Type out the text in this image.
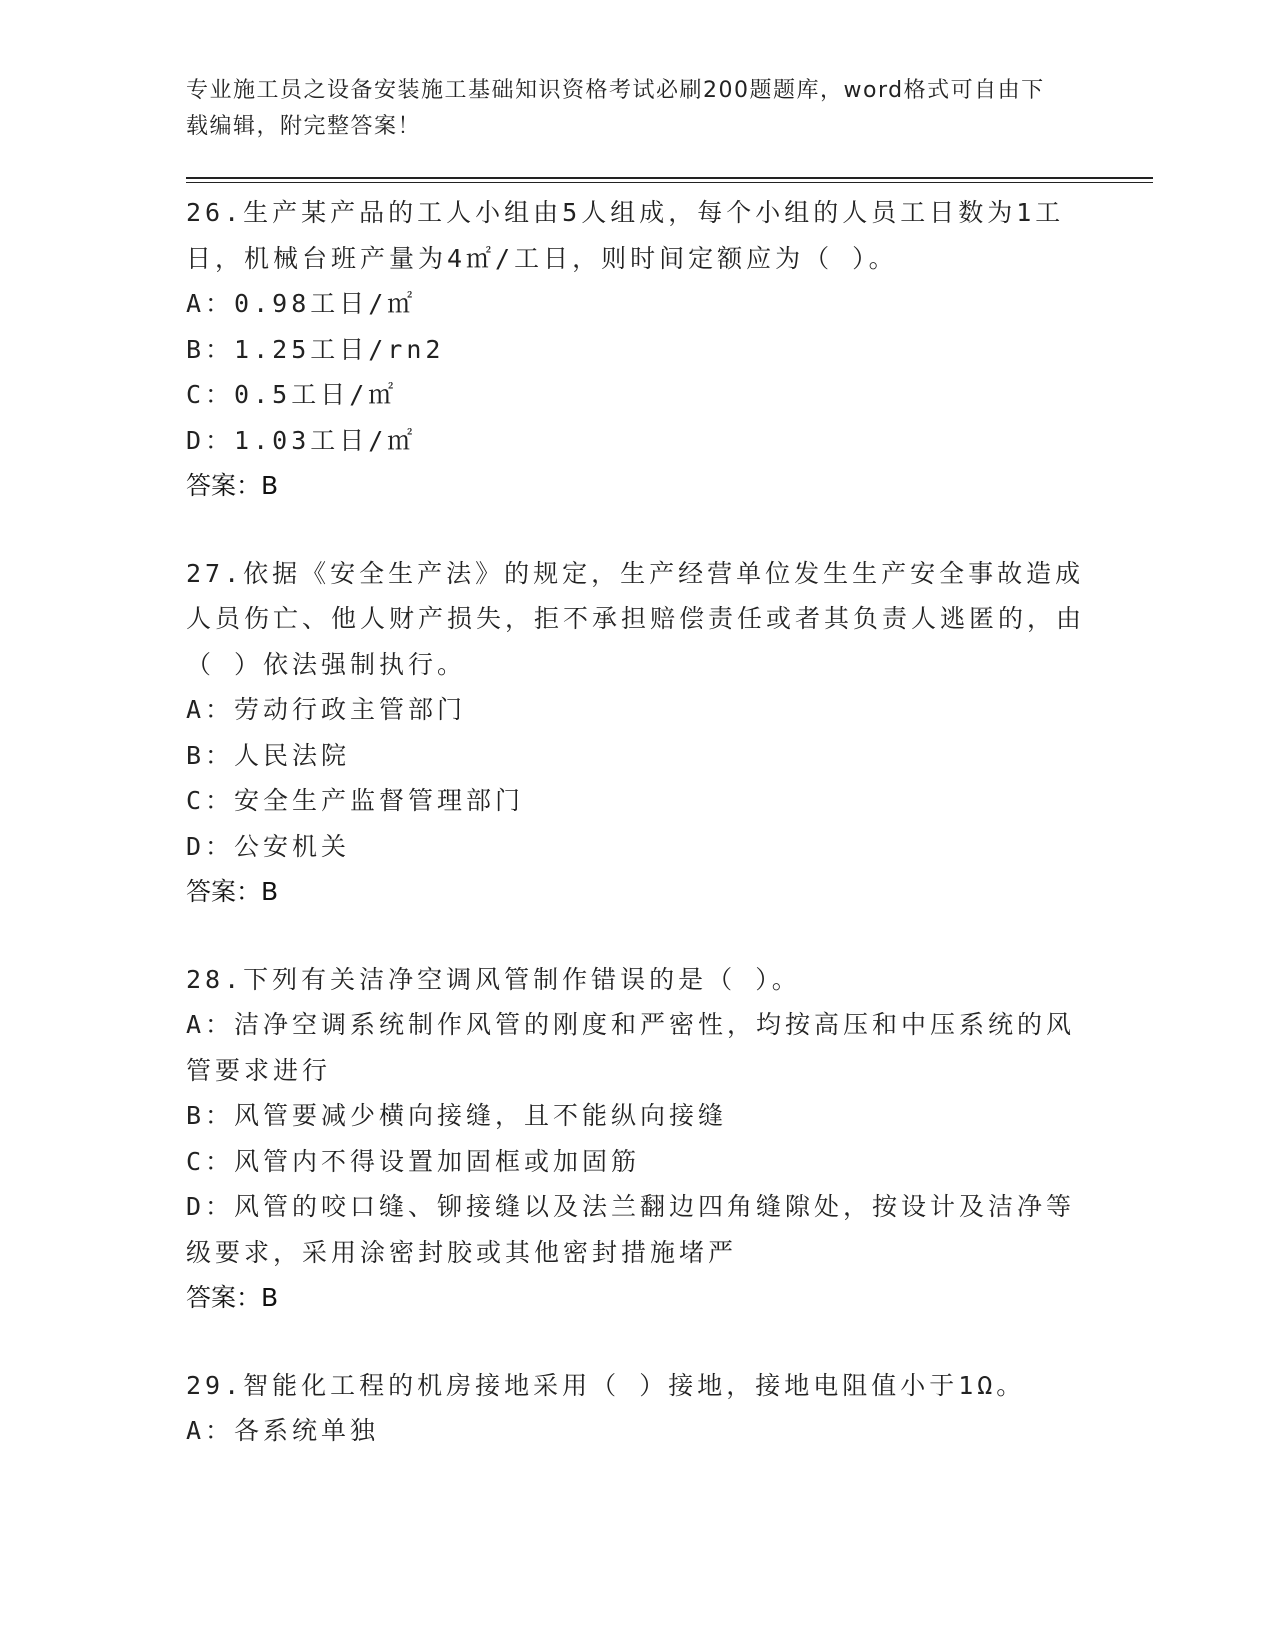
专业施工员之设备安装施工基础知识资格考试必刷200题题库，word格式可自由下载编辑，附完整答案！
26.生产某产品的工人小组由5人组成，每个小组的人员工日数为1工日，机械台班产量为4㎡/工日，则时间定额应为（ ）。
A：0.98工日/㎡
B：1.25工日/rn2
C：0.5工日/㎡
D：1.03工日/㎡
答案：B
27.依据《安全生产法》的规定，生产经营单位发生生产安全事故造成人员伤亡、他人财产损失，拒不承担赔偿责任或者其负责人逃匿的，由（ ）依法强制执行。
A：劳动行政主管部门
B：人民法院
C：安全生产监督管理部门
D：公安机关
答案：B
28.下列有关洁净空调风管制作错误的是（ ）。
A：洁净空调系统制作风管的刚度和严密性，均按高压和中压系统的风管要求进行
B：风管要减少横向接缝，且不能纵向接缝
C：风管内不得设置加固框或加固筋
D：风管的咬口缝、铆接缝以及法兰翻边四角缝隙处，按设计及洁净等级要求，采用涂密封胶或其他密封措施堵严
答案：B
29.智能化工程的机房接地采用（ ）接地，接地电阻值小于1Ω。
A：各系统单独
